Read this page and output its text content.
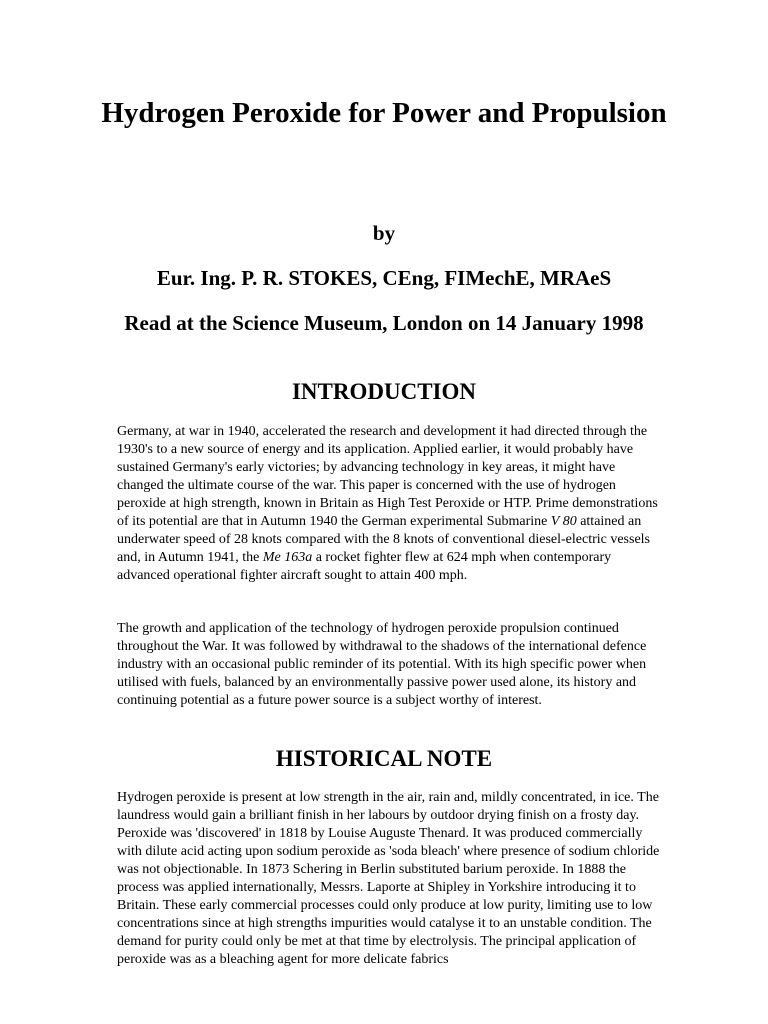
Hydrogen Peroxide for Power and Propulsion

by

Eur. Ing. P. R. STOKES, CEng, FIMechE, MRAeS

Read at the Science Museum, London on 14 January 1998

INTRODUCTION

Germany, at war in 1940, accelerated the research and development it had directed through the 1930's to a new source of energy and its application. Applied earlier, it would probably have sustained Germany's early victories; by advancing technology in key areas, it might have changed the ultimate course of the war. This paper is concerned with the use of hydrogen peroxide at high strength, known in Britain as High Test Peroxide or HTP. Prime demonstrations of its potential are that in Autumn 1940 the German experimental Submarine V 80 attained an underwater speed of 28 knots compared with the 8 knots of conventional diesel-electric vessels and, in Autumn 1941, the Me 163a a rocket fighter flew at 624 mph when contemporary advanced operational fighter aircraft sought to attain 400 mph.

The growth and application of the technology of hydrogen peroxide propulsion continued throughout the War. It was followed by withdrawal to the shadows of the international defence industry with an occasional public reminder of its potential. With its high specific power when utilised with fuels, balanced by an environmentally passive power used alone, its history and continuing potential as a future power source is a subject worthy of interest.

HISTORICAL NOTE

Hydrogen peroxide is present at low strength in the air, rain and, mildly concentrated, in ice. The laundress would gain a brilliant finish in her labours by outdoor drying finish on a frosty day. Peroxide was 'discovered' in 1818 by Louise Auguste Thenard. It was produced commercially with dilute acid acting upon sodium peroxide as 'soda bleach' where presence of sodium chloride was not objectionable. In 1873 Schering in Berlin substituted barium peroxide. In 1888 the process was applied internationally, Messrs. Laporte at Shipley in Yorkshire introducing it to Britain. These early commercial processes could only produce at low purity, limiting use to low concentrations since at high strengths impurities would catalyse it to an unstable condition. The demand for purity could only be met at that time by electrolysis. The principal application of peroxide was as a bleaching agent for more delicate fabrics
